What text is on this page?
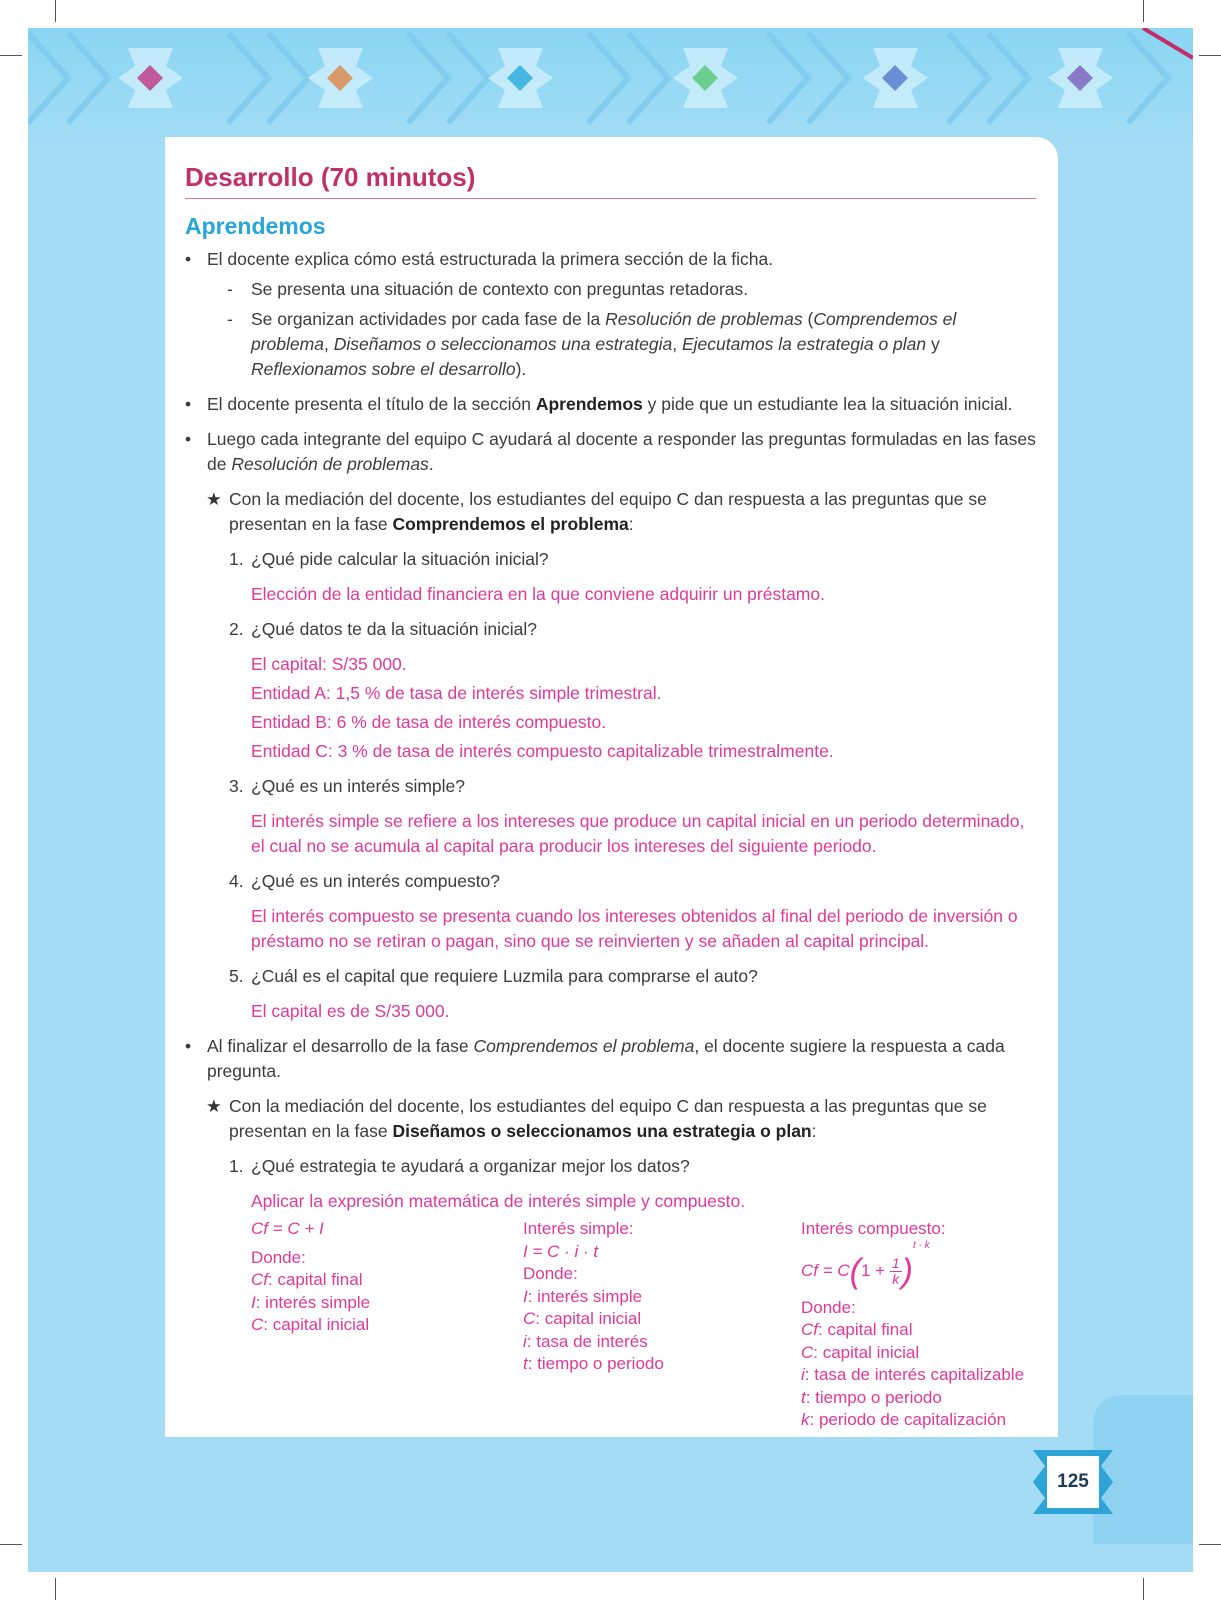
125
Desarrollo (70 minutos)
Aprendemos

• El docente explica cómo está estructurada la primera sección de la ficha.

- Se presenta una situación de contexto con preguntas retadoras.

- Se organizan actividades por cada fase de la Resolución de problemas (Comprendemos el problema, Diseñamos o seleccionamos una estrategia, Ejecutamos la estrategia o plan y Reflexionamos sobre el desarrollo).

• El docente presenta el título de la sección Aprendemos y pide que un estudiante lea la situación inicial.

• Luego cada integrante del equipo C ayudará al docente a responder las preguntas formuladas en las fases de Resolución de problemas.

★ Con la mediación del docente, los estudiantes del equipo C dan respuesta a las preguntas que se presentan en la fase Comprendemos el problema:

1. ¿Qué pide calcular la situación inicial?

Elección de la entidad financiera en la que conviene adquirir un préstamo.

2. ¿Qué datos te da la situación inicial?

El capital: S/35 000.

Entidad A: 1,5 % de tasa de interés simple trimestral.

Entidad B: 6 % de tasa de interés compuesto.

Entidad C: 3 % de tasa de interés compuesto capitalizable trimestralmente.

3. ¿Qué es un interés simple?

El interés simple se refiere a los intereses que produce un capital inicial en un periodo determinado, el cual no se acumula al capital para producir los intereses del siguiente periodo.

4. ¿Qué es un interés compuesto?

El interés compuesto se presenta cuando los intereses obtenidos al final del periodo de inversión o préstamo no se retiran o pagan, sino que se reinvierten y se añaden al capital principal.

5. ¿Cuál es el capital que requiere Luzmila para comprarse el auto?

El capital es de S/35 000.

• Al finalizar el desarrollo de la fase Comprendemos el problema, el docente sugiere la respuesta a cada pregunta.

★ Con la mediación del docente, los estudiantes del equipo C dan respuesta a las preguntas que se presentan en la fase Diseñamos o seleccionamos una estrategia o plan:

1. ¿Qué estrategia te ayudará a organizar mejor los datos?

Aplicar la expresión matemática de interés simple y compuesto.

Cf = C + I
Donde:
Cf: capital final
I: interés simple
C: capital inicial
Interés simple:
I = C · i · t
Donde:
I: interés simple
C: capital inicial
i: tasa de interés
t: tiempo o periodo
Interés compuesto:
$Cf = C(1 + \frac{1}{k})^{t \cdot k}$
Donde:
Cf: capital final
C: capital inicial
i: tasa de interés capitalizable
t: tiempo o periodo
k: periodo de capitalización
